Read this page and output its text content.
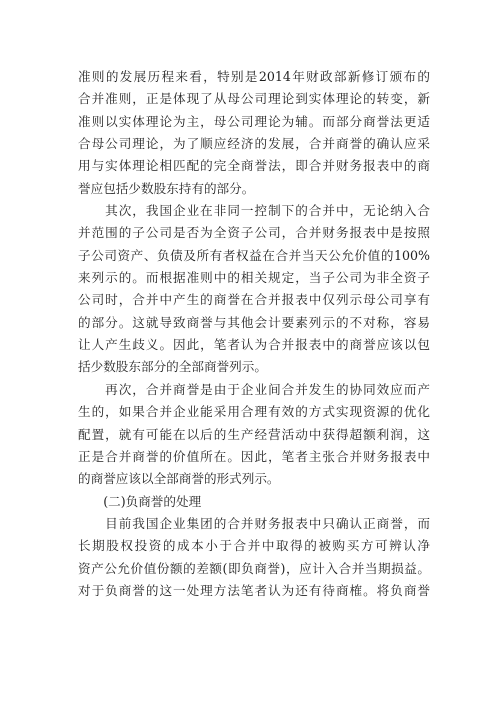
准则的发展历程来看，特别是2014年财政部新修订颁布的
合并准则，正是体现了从母公司理论到实体理论的转变，新
准则以实体理论为主，母公司理论为辅。而部分商誉法更适
合母公司理论，为了顺应经济的发展，合并商誉的确认应采
用与实体理论相匹配的完全商誉法，即合并财务报表中的商
誉应包括少数股东持有的部分。
　　其次，我国企业在非同一控制下的合并中，无论纳入合
并范围的子公司是否为全资子公司，合并财务报表中是按照
子公司资产、负债及所有者权益在合并当天公允价值的100%
来列示的。而根据准则中的相关规定，当子公司为非全资子
公司时，合并中产生的商誉在合并报表中仅列示母公司享有
的部分。这就导致商誉与其他会计要素列示的不对称，容易
让人产生歧义。因此，笔者认为合并报表中的商誉应该以包
括少数股东部分的全部商誉列示。
　　再次，合并商誉是由于企业间合并发生的协同效应而产
生的，如果合并企业能采用合理有效的方式实现资源的优化
配置，就有可能在以后的生产经营活动中获得超额利润，这
正是合并商誉的价值所在。因此，笔者主张合并财务报表中
的商誉应该以全部商誉的形式列示。
　　(二)负商誉的处理
　　目前我国企业集团的合并财务报表中只确认正商誉，而
长期股权投资的成本小于合并中取得的被购买方可辨认净
资产公允价值份额的差额(即负商誉)，应计入合并当期损益。
对于负商誉的这一处理方法笔者认为还有待商榷。将负商誉
